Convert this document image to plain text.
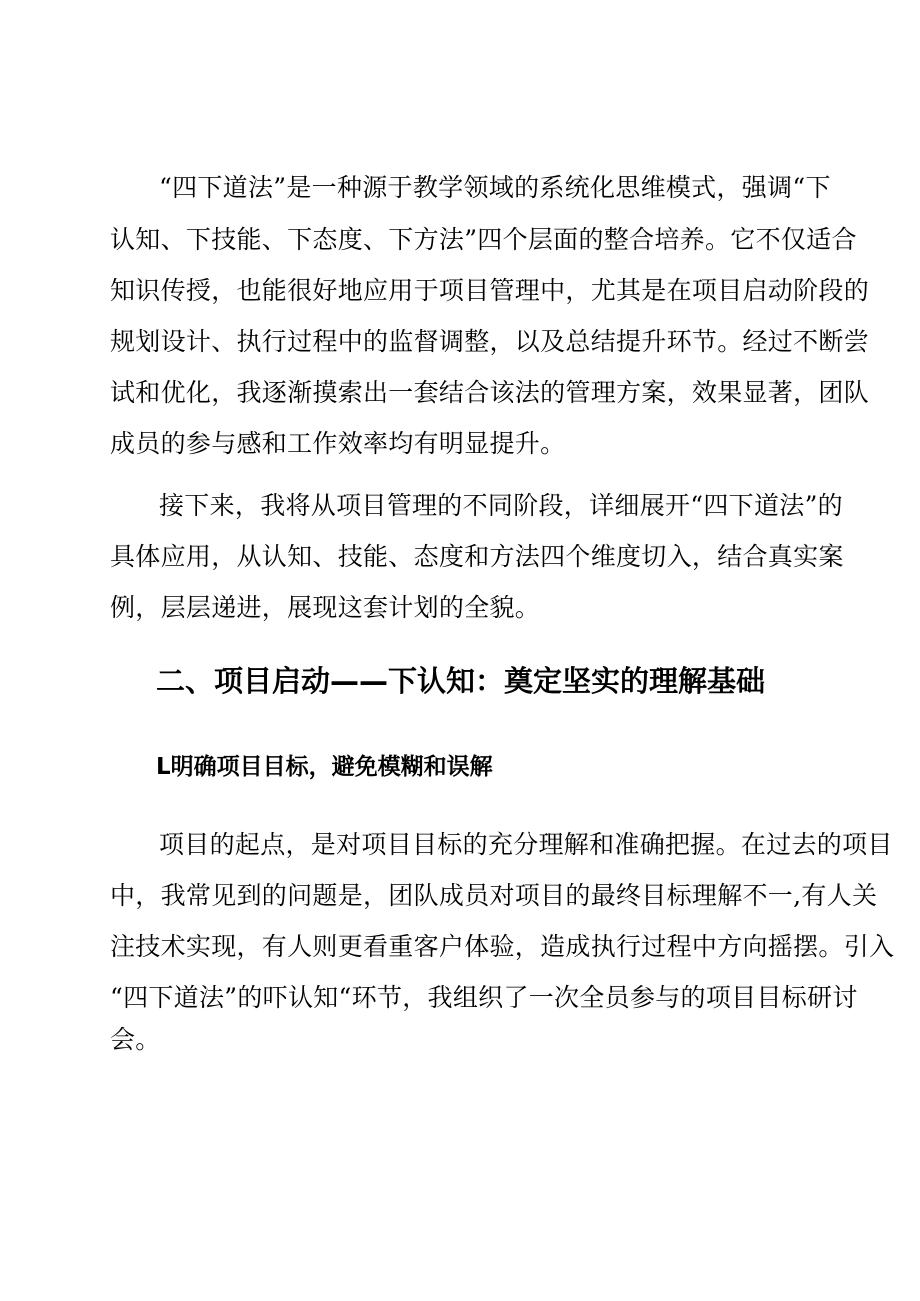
“四下道法”是一种源于教学领域的系统化思维模式，强调“下
认知、下技能、下态度、下方法”四个层面的整合培养。它不仅适合
知识传授，也能很好地应用于项目管理中，尤其是在项目启动阶段的
规划设计、执行过程中的监督调整，以及总结提升环节。经过不断尝
试和优化，我逐渐摸索出一套结合该法的管理方案，效果显著，团队
成员的参与感和工作效率均有明显提升。
接下来，我将从项目管理的不同阶段，详细展开“四下道法”的
具体应用，从认知、技能、态度和方法四个维度切入，结合真实案
例，层层递进，展现这套计划的全貌。
二、项目启动——下认知：奠定坚实的理解基础
L明确项目目标，避免模糊和误解
项目的起点，是对项目目标的充分理解和准确把握。在过去的项目
中，我常见到的问题是，团队成员对项目的最终目标理解不一,有人关
注技术实现，有人则更看重客户体验，造成执行过程中方向摇摆。引入
“四下道法”的吓认知“环节，我组织了一次全员参与的项目目标研讨
会。
